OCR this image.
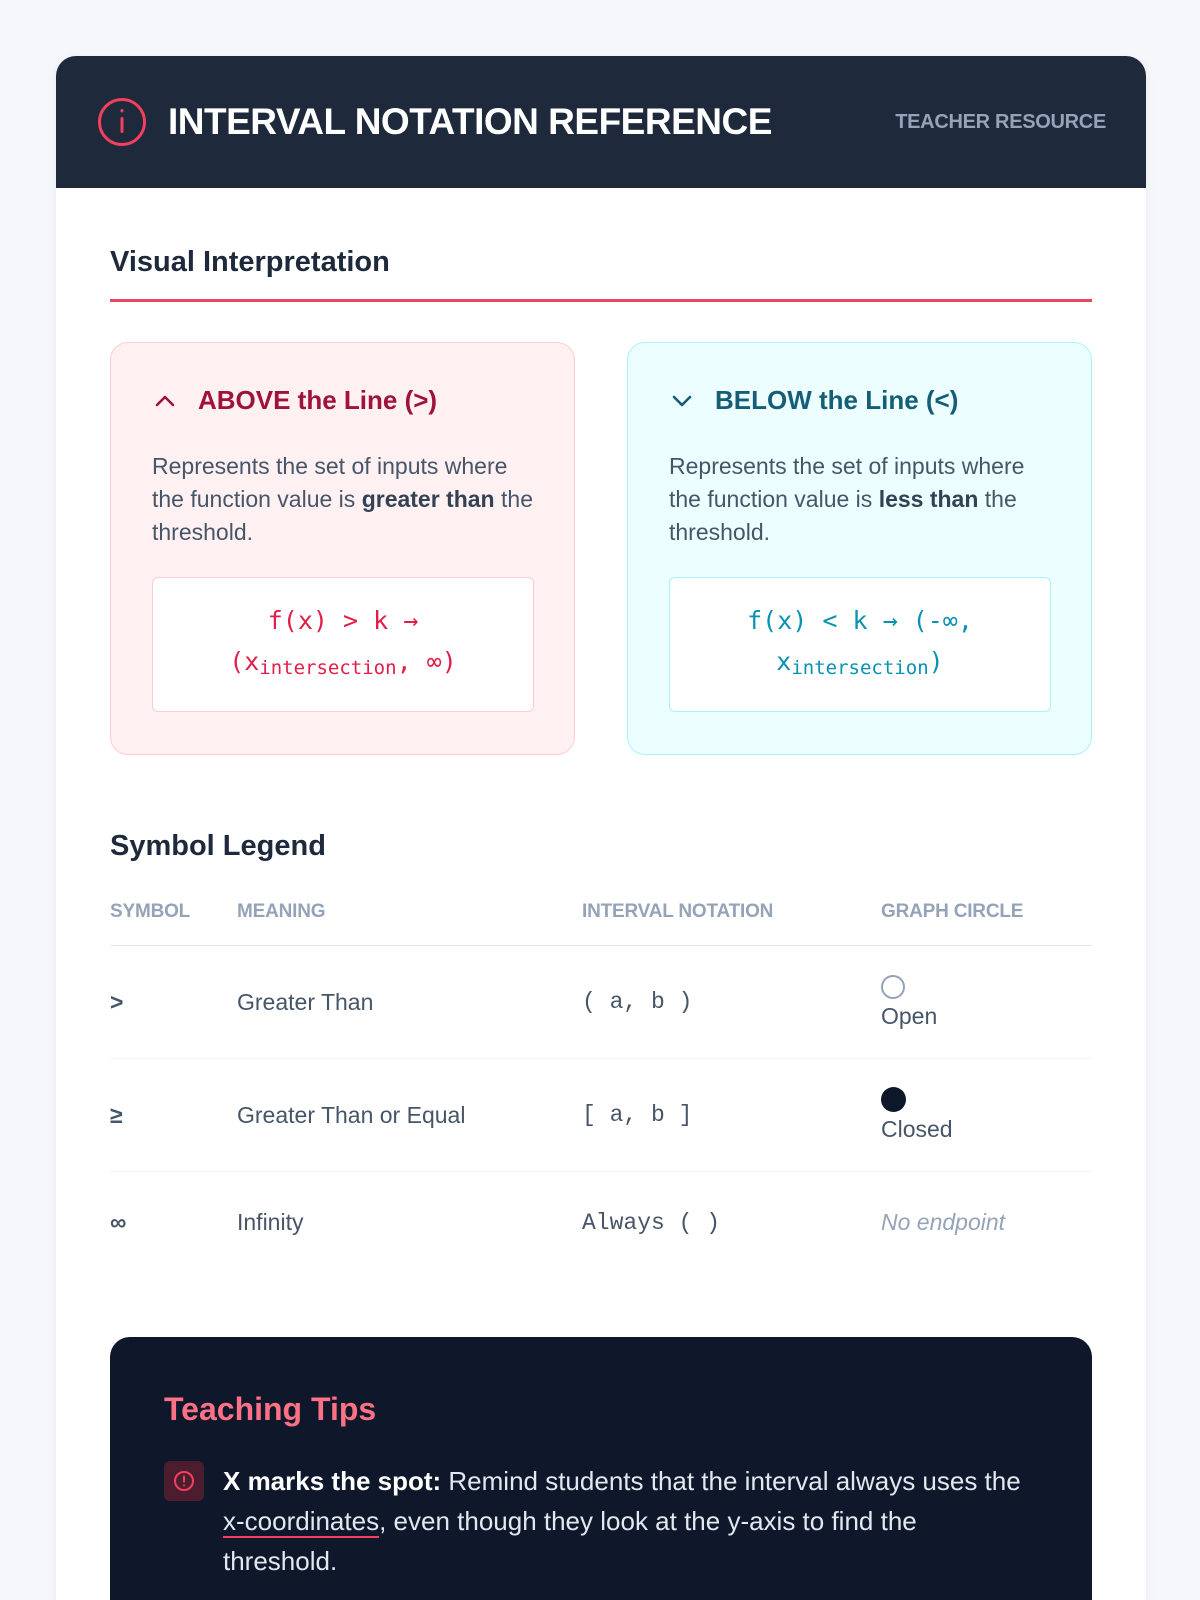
INTERVAL NOTATION REFERENCE	TEACHER RESOURCE
Visual Interpretation
ABOVE the Line (>)
Represents the set of inputs where the function value is greater than the threshold.
f(x) > k →
($x_{intersection}$, ∞)
BELOW the Line (<)
Represents the set of inputs where the function value is less than the threshold.
f(x) < k → (-∞,
$x_{intersection}$)
Symbol Legend
SYMBOL	MEANING	INTERVAL NOTATION	GRAPH CIRCLE
>	Greater Than	( a, b )	Open
≥	Greater Than or Equal	[ a, b ]	Closed
∞	Infinity	Always ( )	No endpoint
Teaching Tips
X marks the spot: Remind students that the interval always uses the x-coordinates, even though they look at the y-axis to find the threshold.
